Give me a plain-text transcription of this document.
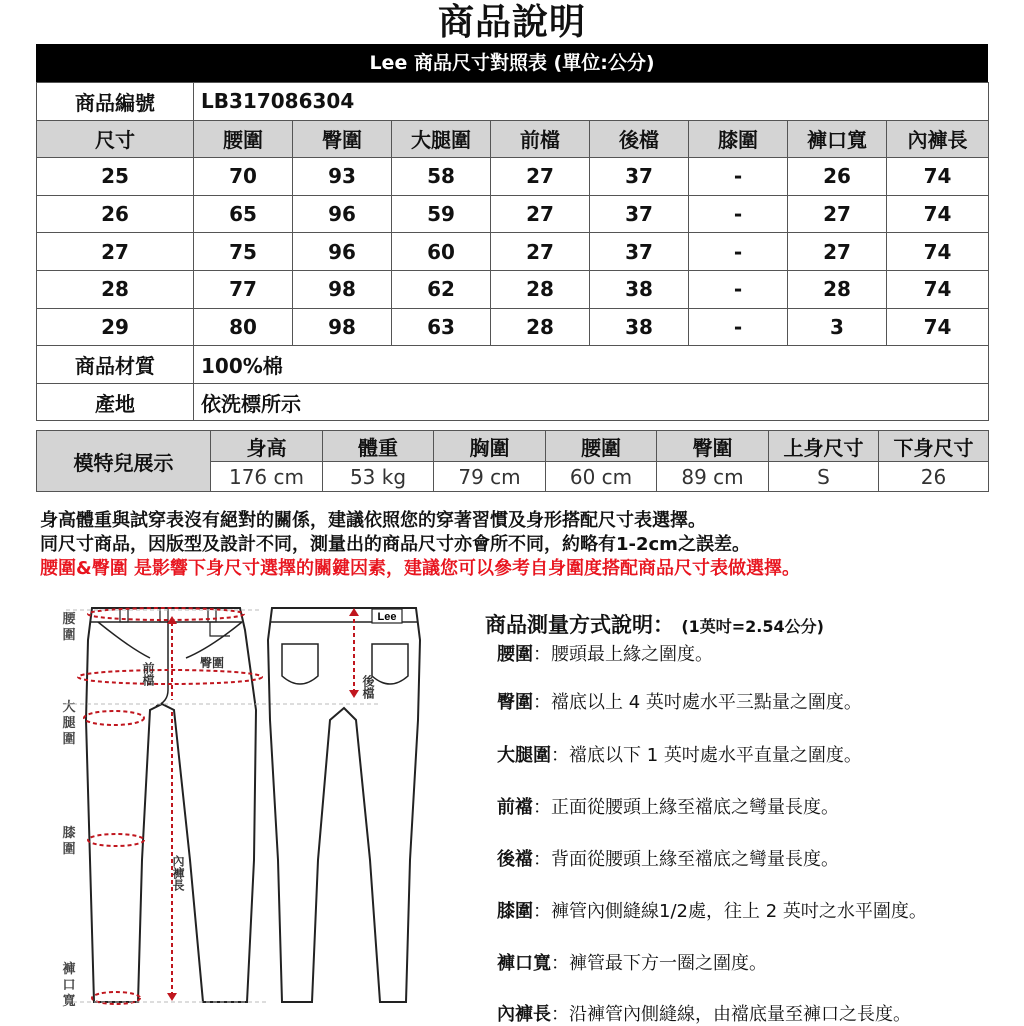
商品說明
Lee 商品尺寸對照表 (單位:公分)
商品編號	LB317086304							
尺寸	腰圍	臀圍	大腿圍	前檔	後檔	膝圍	褲口寬	內褲長
25	70	93	58	27	37	-	26	74
26	65	96	59	27	37	-	27	74
27	75	96	60	27	37	-	27	74
28	77	98	62	28	38	-	28	74
29	80	98	63	28	38	-	3	74
商品材質	100%棉							
產地	依洗標所示							
模特兒展示	身高	體重	胸圍	腰圍	臀圍	上身尺寸	下身尺寸
	176 cm	53 kg	79 cm	60 cm	89 cm	S	26
身高體重與試穿表沒有絕對的關係，建議依照您的穿著習慣及身形搭配尺寸表選擇。
同尺寸商品，因版型及設計不同，測量出的商品尺寸亦會所不同，約略有1-2cm之誤差。
腰圍&臀圍 是影響下身尺寸選擇的關鍵因素，建議您可以參考自身圍度搭配商品尺寸表做選擇。
腰圍
大腿圍
膝圍
褲口寬
Lee
前檔	臀圍
內褲長
後檔
商品測量方式說明： (1英吋=2.54公分)
腰圍：腰頭最上緣之圍度。
臀圍：襠底以上 4 英吋處水平三點量之圍度。
大腿圍：襠底以下 1 英吋處水平直量之圍度。
前襠：正面從腰頭上緣至襠底之彎量長度。
後襠：背面從腰頭上緣至襠底之彎量長度。
膝圍：褲管內側縫線1/2處，往上 2 英吋之水平圍度。
褲口寬：褲管最下方一圈之圍度。
內褲長：沿褲管內側縫線，由襠底量至褲口之長度。
